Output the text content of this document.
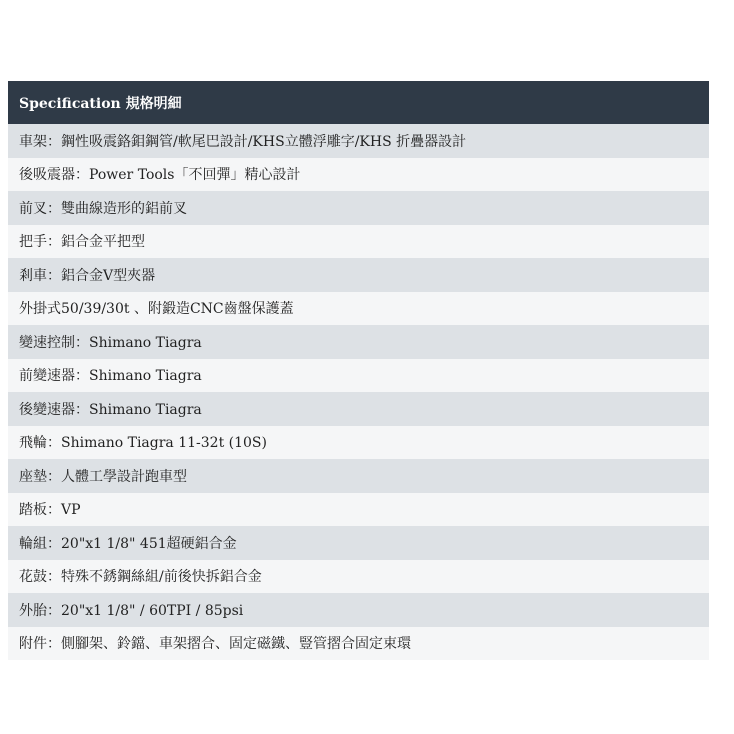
Specification 規格明細
車架：鋼性吸震鉻鉬鋼管/軟尾巴設計/KHS立體浮雕字/KHS 折疊器設計
後吸震器：Power Tools「不回彈」精心設計
前叉：雙曲線造形的鋁前叉
把手：鋁合金平把型
剎車：鋁合金V型夾器
外掛式50/39/30t 、附鍛造CNC齒盤保護蓋
變速控制：Shimano Tiagra
前變速器：Shimano Tiagra
後變速器：Shimano Tiagra
飛輪：Shimano Tiagra 11-32t (10S)
座墊：人體工學設計跑車型
踏板：VP
輪組：20"x1 1/8" 451超硬鋁合金
花鼓：特殊不銹鋼絲組/前後快拆鋁合金
外胎：20"x1 1/8" / 60TPI / 85psi
附件：側腳架、鈴鐺、車架摺合、固定磁鐵、豎管摺合固定束環
